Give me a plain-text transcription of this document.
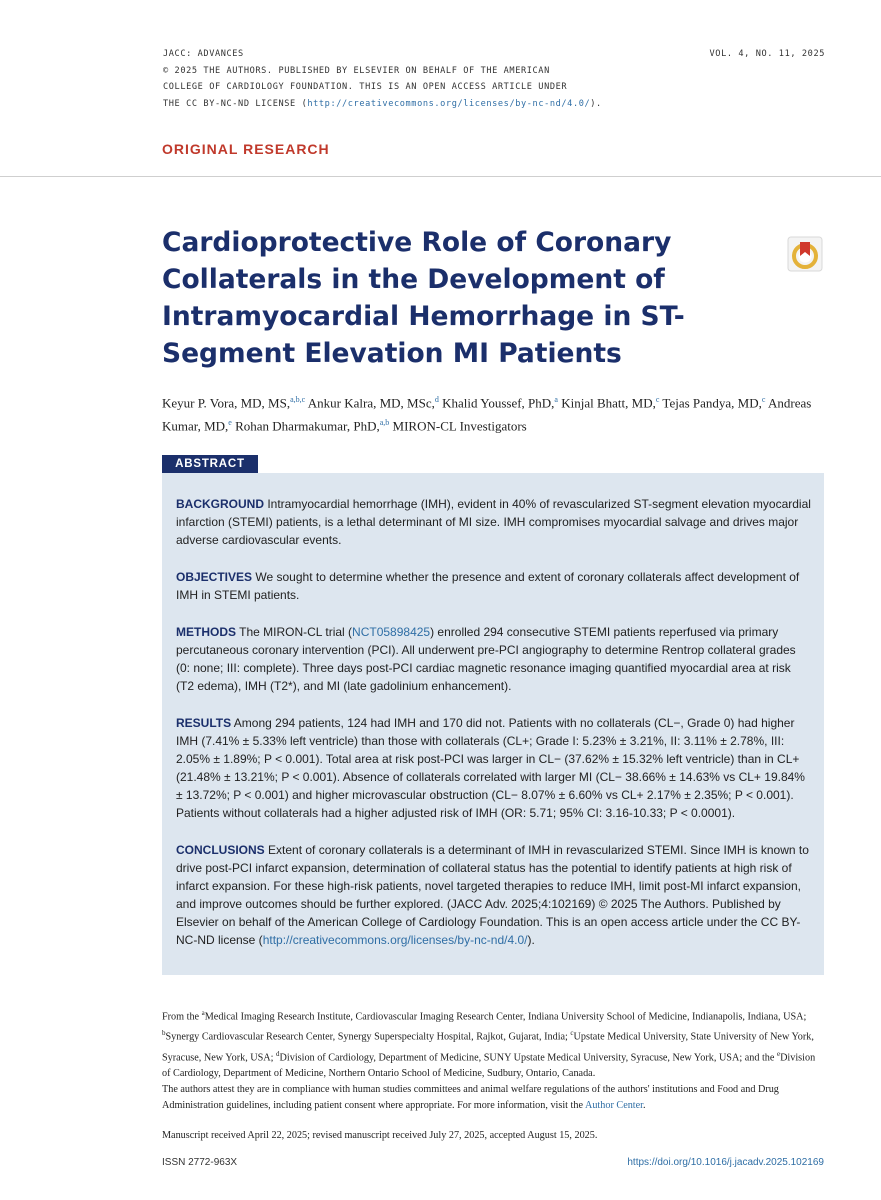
JACC: ADVANCES
© 2025 THE AUTHORS. PUBLISHED BY ELSEVIER ON BEHALF OF THE AMERICAN
COLLEGE OF CARDIOLOGY FOUNDATION. THIS IS AN OPEN ACCESS ARTICLE UNDER
THE CC BY-NC-ND LICENSE (http://creativecommons.org/licenses/by-nc-nd/4.0/).
VOL. 4, NO. 11, 2025
ORIGINAL RESEARCH
Cardioprotective Role of Coronary Collaterals in the Development of Intramyocardial Hemorrhage in ST-Segment Elevation MI Patients
Keyur P. Vora, MD, MS,$^{a,b,c}$ Ankur Kalra, MD, MSc,$^d$ Khalid Youssef, PhD,$^a$ Kinjal Bhatt, MD,$^c$ Tejas Pandya, MD,$^c$ Andreas Kumar, MD,$^e$ Rohan Dharmakumar, PhD,$^{a,b}$ MIRON-CL Investigators
ABSTRACT

BACKGROUND Intramyocardial hemorrhage (IMH), evident in 40% of revascularized ST-segment elevation myocardial infarction (STEMI) patients, is a lethal determinant of MI size. IMH compromises myocardial salvage and drives major adverse cardiovascular events.

OBJECTIVES We sought to determine whether the presence and extent of coronary collaterals affect development of IMH in STEMI patients.

METHODS The MIRON-CL trial (NCT05898425) enrolled 294 consecutive STEMI patients reperfused via primary percutaneous coronary intervention (PCI). All underwent pre-PCI angiography to determine Rentrop collateral grades (0: none; III: complete). Three days post-PCI cardiac magnetic resonance imaging quantified myocardial area at risk (T2 edema), IMH (T2*), and MI (late gadolinium enhancement).

RESULTS Among 294 patients, 124 had IMH and 170 did not. Patients with no collaterals (CL−, Grade 0) had higher IMH (7.41% ± 5.33% left ventricle) than those with collaterals (CL+; Grade I: 5.23% ± 3.21%, II: 3.11% ± 2.78%, III: 2.05% ± 1.89%; P < 0.001). Total area at risk post-PCI was larger in CL− (37.62% ± 15.32% left ventricle) than in CL+ (21.48% ± 13.21%; P < 0.001). Absence of collaterals correlated with larger MI (CL− 38.66% ± 14.63% vs CL+ 19.84% ± 13.72%; P < 0.001) and higher microvascular obstruction (CL− 8.07% ± 6.60% vs CL+ 2.17% ± 2.35%; P < 0.001). Patients without collaterals had a higher adjusted risk of IMH (OR: 5.71; 95% CI: 3.16-10.33; P < 0.0001).

CONCLUSIONS Extent of coronary collaterals is a determinant of IMH in revascularized STEMI. Since IMH is known to drive post-PCI infarct expansion, determination of collateral status has the potential to identify patients at high risk of infarct expansion. For these high-risk patients, novel targeted therapies to reduce IMH, limit post-MI infarct expansion, and improve outcomes should be further explored. (JACC Adv. 2025;4:102169) © 2025 The Authors. Published by Elsevier on behalf of the American College of Cardiology Foundation. This is an open access article under the CC BY-NC-ND license (http://creativecommons.org/licenses/by-nc-nd/4.0/).

From the $^a$Medical Imaging Research Institute, Cardiovascular Imaging Research Center, Indiana University School of Medicine, Indianapolis, Indiana, USA; $^b$Synergy Cardiovascular Research Center, Synergy Superspecialty Hospital, Rajkot, Gujarat, India; $^c$Upstate Medical University, State University of New York, Syracuse, New York, USA; $^d$Division of Cardiology, Department of Medicine, SUNY Upstate Medical University, Syracuse, New York, USA; and the $^e$Division of Cardiology, Department of Medicine, Northern Ontario School of Medicine, Sudbury, Ontario, Canada.

The authors attest they are in compliance with human studies committees and animal welfare regulations of the authors' institutions and Food and Drug Administration guidelines, including patient consent where appropriate. For more information, visit the Author Center.

Manuscript received April 22, 2025; revised manuscript received July 27, 2025, accepted August 15, 2025.
ISSN 2772-963X	https://doi.org/10.1016/j.jacadv.2025.102169
